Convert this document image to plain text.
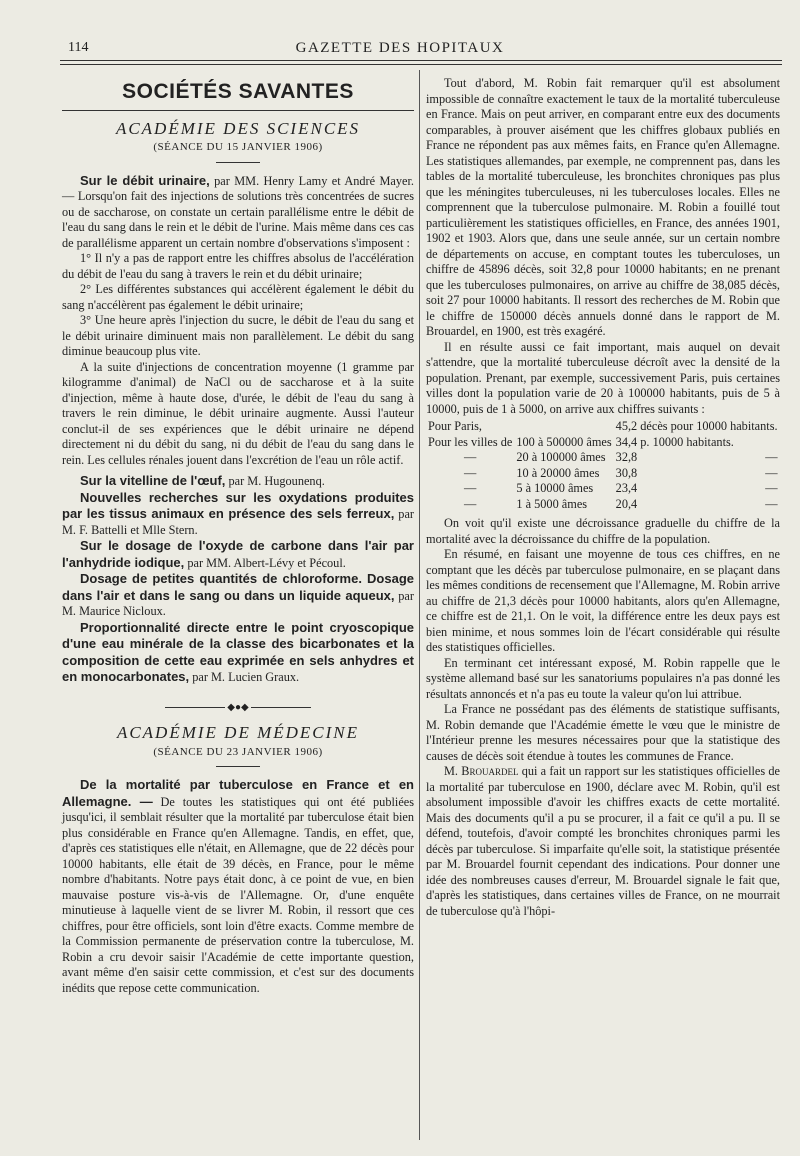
114	GAZETTE DES HOPITAUX
SOCIÉTÉS SAVANTES
ACADÉMIE DES SCIENCES
(SÉANCE DU 15 JANVIER 1906)

Sur le débit urinaire, par MM. Henry Lamy et André Mayer. — Lorsqu'on fait des injections de solutions très concentrées de sucres ou de saccharose, on constate un certain parallélisme entre le débit de l'eau du sang dans le rein et le débit de l'urine. Mais même dans ces cas de parallélisme apparent un certain nombre d'observations s'imposent :

1° Il n'y a pas de rapport entre les chiffres absolus de l'accélération du débit de l'eau du sang à travers le rein et du débit urinaire;

2° Les différentes substances qui accélèrent également le débit du sang n'accélèrent pas également le débit urinaire;

3° Une heure après l'injection du sucre, le débit de l'eau du sang et le débit urinaire diminuent mais non parallèlement. Le débit du sang diminue beaucoup plus vite.

A la suite d'injections de concentration moyenne (1 gramme par kilogramme d'animal) de NaCl ou de saccharose et à la suite d'injection, même à haute dose, d'urée, le débit de l'eau du sang à travers le rein diminue, le débit urinaire augmente. Aussi l'auteur conclut-il de ses expériences que le débit urinaire ne dépend directement ni du débit du sang, ni du débit de l'eau du sang dans le rein. Les cellules rénales jouent dans l'excrétion de l'eau un rôle actif.

Sur la vitelline de l'œuf, par M. Hugounenq.

Nouvelles recherches sur les oxydations produites par les tissus animaux en présence des sels ferreux, par M. F. Battelli et Mlle Stern.

Sur le dosage de l'oxyde de carbone dans l'air par l'anhydride iodique, par MM. Albert-Lévy et Pécoul.

Dosage de petites quantités de chloroforme. Dosage dans l'air et dans le sang ou dans un liquide aqueux, par M. Maurice Nicloux.

Proportionnalité directe entre le point cryoscopique d'une eau minérale de la classe des bicarbonates et la composition de cette eau exprimée en sels anhydres et en monocarbonates, par M. Lucien Graux.

◆●◆
ACADÉMIE DE MÉDECINE
(SÉANCE DU 23 JANVIER 1906)

De la mortalité par tuberculose en France et en Allemagne. — De toutes les statistiques qui ont été publiées jusqu'ici, il semblait résulter que la mortalité par tuberculose était bien plus considérable en France qu'en Allemagne. Tandis, en effet, que, d'après ces statistiques elle n'était, en Allemagne, que de 22 décès pour 10000 habitants, elle était de 39 décès, en France, pour le même nombre d'habitants. Notre pays était donc, à ce point de vue, en bien mauvaise posture vis-à-vis de l'Allemagne. Or, d'une enquête minutieuse à laquelle vient de se livrer M. Robin, il ressort que ces chiffres, pour être officiels, sont loin d'être exacts. Comme membre de la Commission permanente de préservation contre la tuberculose, M. Robin a cru devoir saisir l'Académie de cette importante question, avant même d'en saisir cette commission, et c'est sur des documents inédits que repose cette communication.

Tout d'abord, M. Robin fait remarquer qu'il est absolument impossible de connaître exactement le taux de la mortalité tuberculeuse en France. Mais on peut arriver, en comparant entre eux des documents comparables, à prouver aisément que les chiffres globaux publiés en France ne répondent pas aux mêmes faits, en France qu'en Allemagne. Les statistiques allemandes, par exemple, ne comprennent pas, dans les tables de la mortalité tuberculeuse, les bronchites chroniques pas plus que les méningites tuberculeuses, ni les tuberculoses locales. Elles ne comprennent que la tuberculose pulmonaire. M. Robin a fouillé tout particulièrement les statistiques officielles, en France, des années 1901, 1902 et 1903. Alors que, dans une seule année, sur un certain nombre de départements on accuse, en comptant toutes les tuberculoses, un chiffre de 45896 décès, soit 32,8 pour 10000 habitants; en ne prenant que les tuberculoses pulmonaires, on arrive au chiffre de 38,085 décès, soit 27 pour 10000 habitants. Il ressort des recherches de M. Robin que le chiffre de 150000 décès annuels donné dans le rapport de M. Brouardel, en 1900, est très exagéré.

Il en résulte aussi ce fait important, mais auquel on devait s'attendre, que la mortalité tuberculeuse décroît avec la densité de la population. Prenant, par exemple, successivement Paris, puis certaines villes dont la population varie de 20 à 100000 habitants, puis de 5 à 10000, puis de 1 à 5000, on arrive aux chiffres suivants :

Pour Paris,		45,2 décès pour 10000 habitants.	
Pour les villes de	100 à 500000 âmes	34,4 p. 10000 habitants.	
—	20 à 100000 âmes	32,8	—
—	10 à 20000 âmes	30,8	—
—	5 à 10000 âmes	23,4	—
—	1 à 5000 âmes	20,4	—

On voit qu'il existe une décroissance graduelle du chiffre de la mortalité avec la décroissance du chiffre de la population.

En résumé, en faisant une moyenne de tous ces chiffres, en ne comptant que les décès par tuberculose pulmonaire, en se plaçant dans les mêmes conditions de recensement que l'Allemagne, M. Robin arrive au chiffre de 21,3 décès pour 10000 habitants, alors qu'en Allemagne, ce chiffre est de 21,1. On le voit, la différence entre les deux pays est bien minime, et nous sommes loin de l'écart considérable qui résulte des statistiques officielles.

En terminant cet intéressant exposé, M. Robin rappelle que le système allemand basé sur les sanatoriums populaires n'a pas donné les résultats annoncés et n'a pas eu toute la valeur qu'on lui attribue.

La France ne possédant pas des éléments de statistique suffisants, M. Robin demande que l'Académie émette le vœu que le ministre de l'Intérieur prenne les mesures nécessaires pour que la statistique des causes de décès soit étendue à toutes les communes de France.

M. Brouardel qui a fait un rapport sur les statistiques officielles de la mortalité par tuberculose en 1900, déclare avec M. Robin, qu'il est absolument impossible d'avoir les chiffres exacts de cette mortalité. Mais des documents qu'il a pu se procurer, il a fait ce qu'il a pu. Il se défend, toutefois, d'avoir compté les bronchites chroniques parmi les décès par tuberculose. Si imparfaite qu'elle soit, la statistique présentée par M. Brouardel fournit cependant des indications. Pour donner une idée des nombreuses causes d'erreur, M. Brouardel signale le fait que, d'après les statistiques, dans certaines villes de France, on ne mourrait de tuberculose qu'à l'hôpi-
